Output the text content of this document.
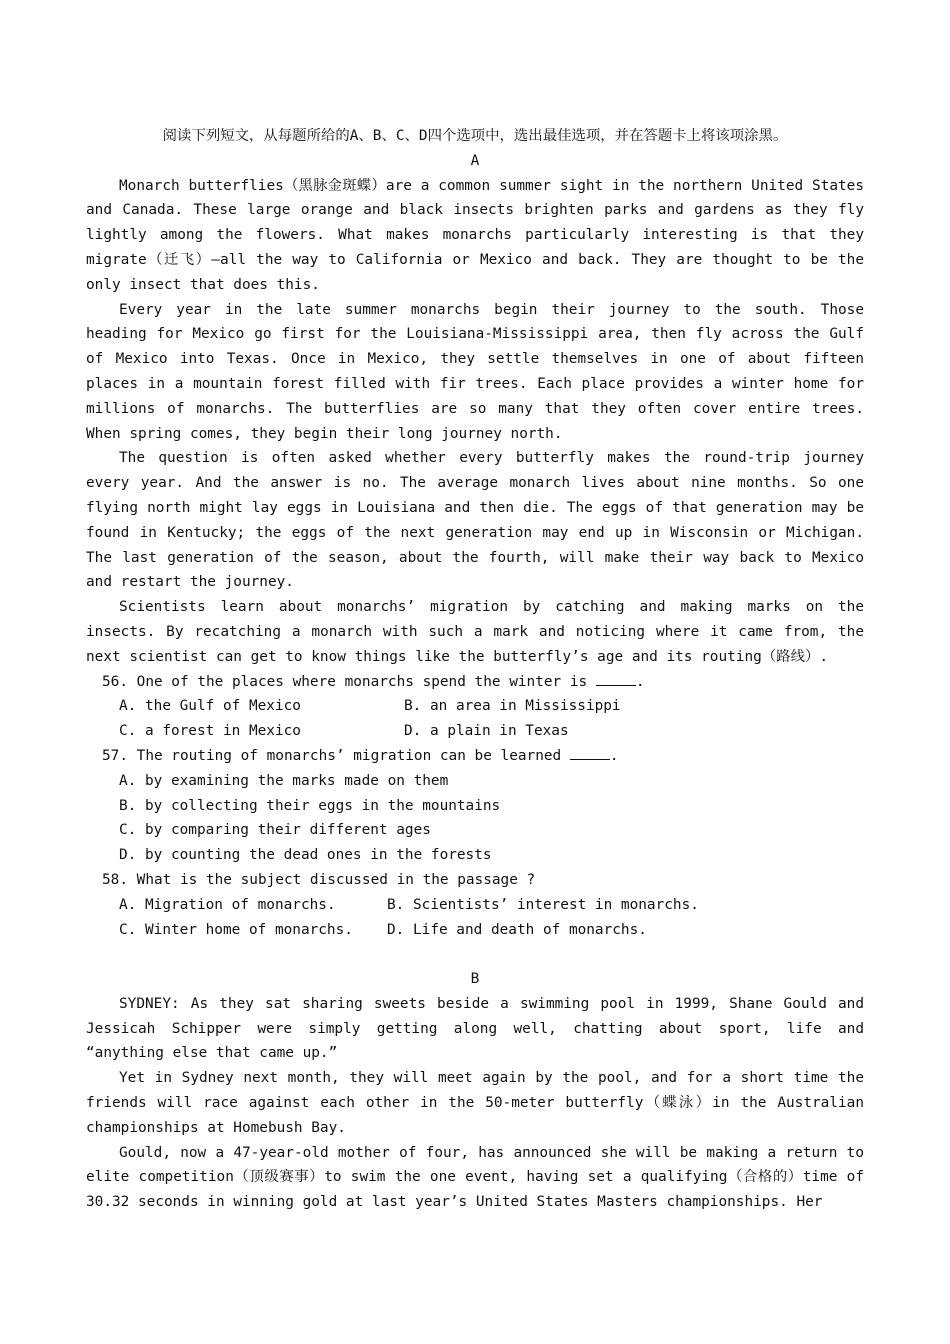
阅读下列短文，从每题所给的A、B、C、D四个选项中，选出最佳选项，并在答题卡上将该项涂黑。
A
Monarch butterflies（黑脉金斑蝶）are a common summer sight in the northern United States and Canada. These large orange and black insects brighten parks and gardens as they fly lightly among the flowers. What makes monarchs particularly interesting is that they migrate（迁飞）—all the way to California or Mexico and back. They are thought to be the only insect that does this.
Every year in the late summer monarchs begin their journey to the south. Those heading for Mexico go first for the Louisiana-Mississippi area, then fly across the Gulf of Mexico into Texas. Once in Mexico, they settle themselves in one of about fifteen places in a mountain forest filled with fir trees. Each place provides a winter home for millions of monarchs. The butterflies are so many that they often cover entire trees. When spring comes, they begin their long journey north.
The question is often asked whether every butterfly makes the round-trip journey every year. And the answer is no. The average monarch lives about nine months. So one flying north might lay eggs in Louisiana and then die. The eggs of that generation may be found in Kentucky; the eggs of the next generation may end up in Wisconsin or Michigan. The last generation of the season, about the fourth, will make their way back to Mexico and restart the journey.
Scientists learn about monarchs’ migration by catching and making marks on the insects. By recatching a monarch with such a mark and noticing where it came from, the next scientist can get to know things like the butterfly’s age and its routing（路线）.
56. One of the places where monarchs spend the winter is	.
A. the Gulf of Mexico	B. an area in Mississippi
C. a forest in Mexico	D. a plain in Texas
57. The routing of monarchs’ migration can be learned	.
A. by examining the marks made on them
B. by collecting their eggs in the mountains
C. by comparing their different ages
D. by counting the dead ones in the forests
58. What is the subject discussed in the passage ?
A. Migration of monarchs.	B. Scientists’ interest in monarchs.
C. Winter home of monarchs.	D. Life and death of monarchs.
B
SYDNEY: As they sat sharing sweets beside a swimming pool in 1999, Shane Gould and Jessicah Schipper were simply getting along well, chatting about sport, life and “anything else that came up.”
Yet in Sydney next month, they will meet again by the pool, and for a short time the friends will race against each other in the 50-meter butterfly（蝶泳）in the Australian championships at Homebush Bay.
Gould, now a 47-year-old mother of four, has announced she will be making a return to elite competition（顶级赛事）to swim the one event, having set a qualifying（合格的）time of 30.32 seconds in winning gold at last year’s United States Masters championships. Her
